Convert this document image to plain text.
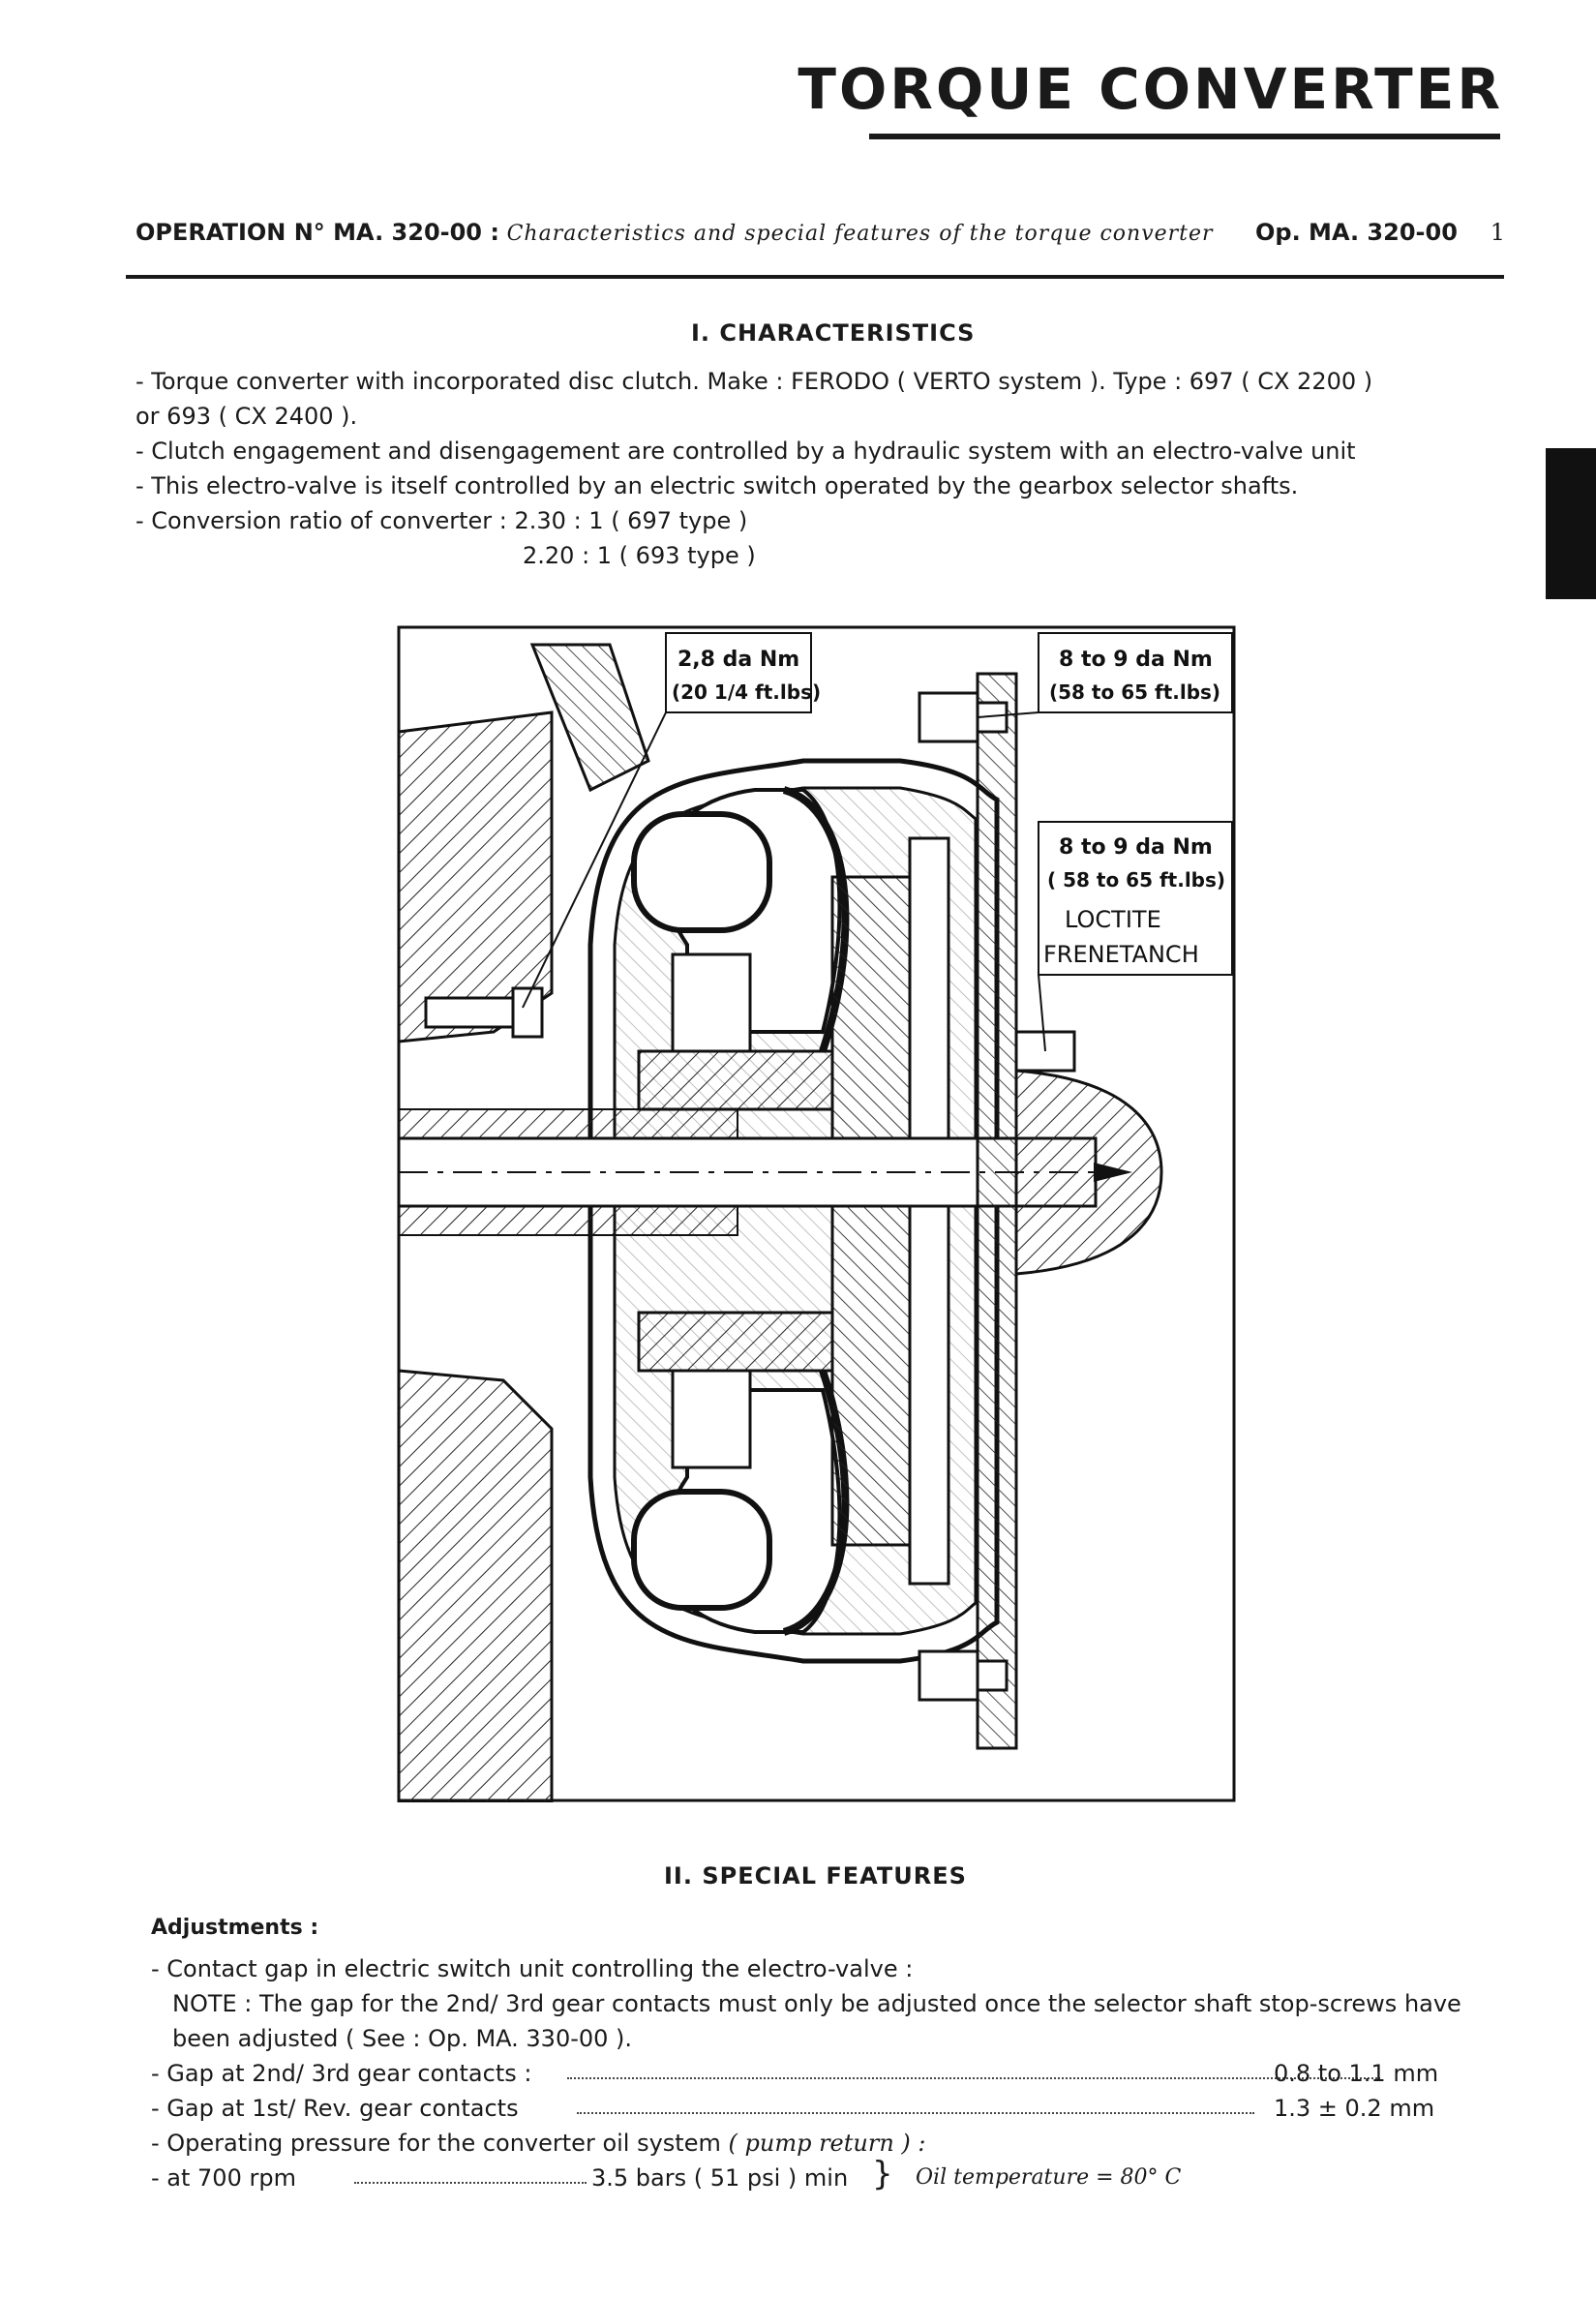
TORQUE CONVERTER
OPERATION N° MA. 320-00 : Characteristics and special features of the torque converter Op. MA. 320-00 1
I. CHARACTERISTICS

- Torque converter with incorporated disc clutch. Make : FERODO ( VERTO system ). Type : 697 ( CX 2200 )

or 693 ( CX 2400 ).

- Clutch engagement and disengagement are controlled by a hydraulic system with an electro-valve unit

- This electro-valve is itself controlled by an electric switch operated by the gearbox selector shafts.

- Conversion ratio of converter : 2.30 : 1 ( 697 type )

2.20 : 1 ( 693 type )

2,8 da Nm
(20 1/4 ft.lbs)
8 to 9 da Nm
(58 to 65 ft.lbs)
8 to 9 da Nm
( 58 to 65 ft.lbs)
LOCTITE
FRENETANCH
II. SPECIAL FEATURES
Adjustments :

- Contact gap in electric switch unit controlling the electro-valve :

NOTE : The gap for the 2nd/ 3rd gear contacts must only be adjusted once the selector shaft stop-screws have

been adjusted ( See : Op. MA. 330-00 ).

- Gap at 2nd/ 3rd gear contacts :	0.8 to 1.1 mm
- Gap at 1st/ Rev. gear contacts	1.3 ± 0.2 mm
- Operating pressure for the converter oil system ( pump return ) :
- at 700 rpm	3.5 bars ( 51 psi ) min } Oil temperature = 80° C
